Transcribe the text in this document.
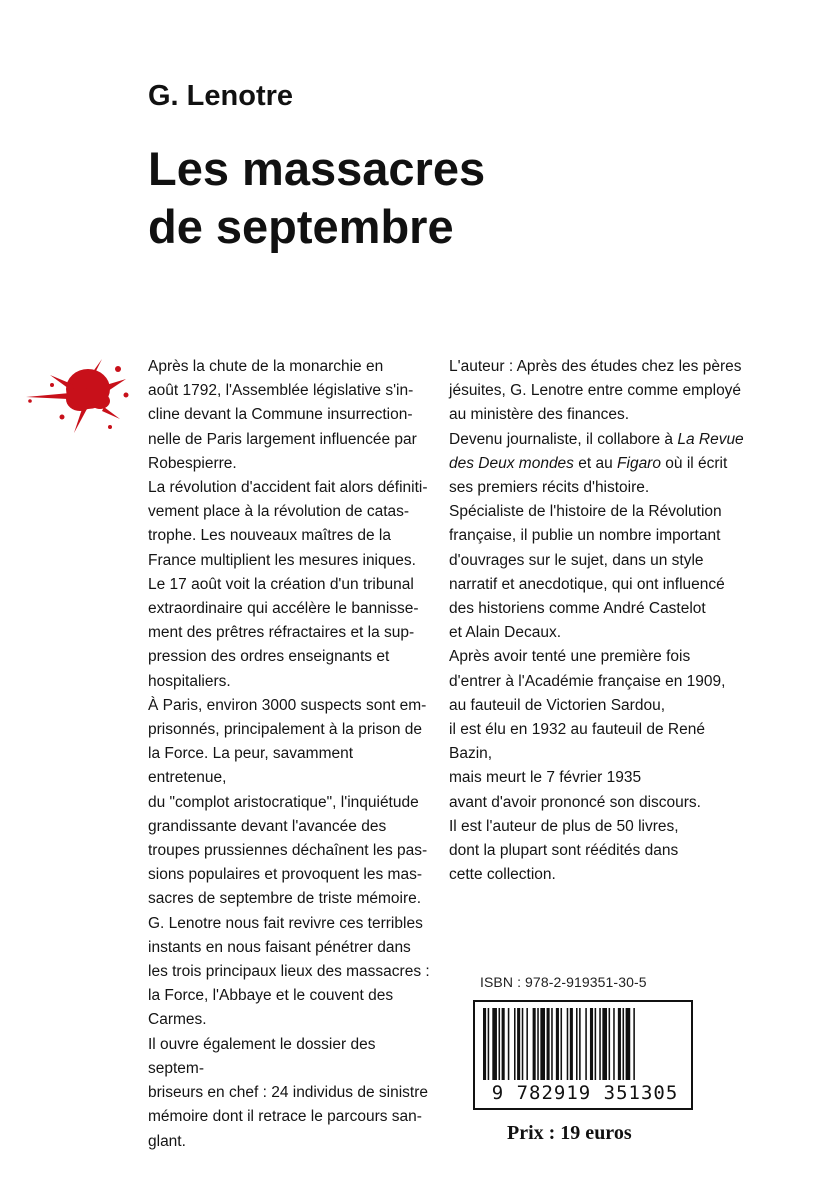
G. Lenotre
Les massacres
de septembre

Après la chute de la monarchie en
août 1792, l'Assemblée législative s'in-
cline devant la Commune insurrection-
nelle de Paris largement influencée par
Robespierre.

La révolution d'accident fait alors définiti-
vement place à la révolution de catas-
trophe. Les nouveaux maîtres de la
France multiplient les mesures iniques.

Le 17 août voit la création d'un tribunal
extraordinaire qui accélère le bannisse-
ment des prêtres réfractaires et la sup-
pression des ordres enseignants et
hospitaliers.

À Paris, environ 3000 suspects sont em-
prisonnés, principalement à la prison de
la Force. La peur, savamment entretenue,
du "complot aristocratique", l'inquiétude
grandissante devant l'avancée des
troupes prussiennes déchaînent les pas-
sions populaires et provoquent les mas-
sacres de septembre de triste mémoire.

G. Lenotre nous fait revivre ces terribles
instants en nous faisant pénétrer dans
les trois principaux lieux des massacres :
la Force, l'Abbaye et le couvent des
Carmes.

Il ouvre également le dossier des septem-
briseurs en chef : 24 individus de sinistre
mémoire dont il retrace le parcours san-
glant.

L'auteur : Après des études chez les pères
jésuites, G. Lenotre entre comme employé
au ministère des finances.

Devenu journaliste, il collabore à La Revue
des Deux mondes et au Figaro où il écrit
ses premiers récits d'histoire.

Spécialiste de l'histoire de la Révolution
française, il publie un nombre important
d'ouvrages sur le sujet, dans un style
narratif et anecdotique, qui ont influencé
des historiens comme André Castelot
et Alain Decaux.

Après avoir tenté une première fois
d'entrer à l'Académie française en 1909,
au fauteuil de Victorien Sardou,
il est élu en 1932 au fauteuil de René Bazin,
mais meurt le 7 février 1935
avant d'avoir prononcé son discours.

Il est l'auteur de plus de 50 livres,
dont la plupart sont réédités dans
cette collection.

ISBN : 978-2-919351-30-5
9 782919 351305
Prix : 19 euros
